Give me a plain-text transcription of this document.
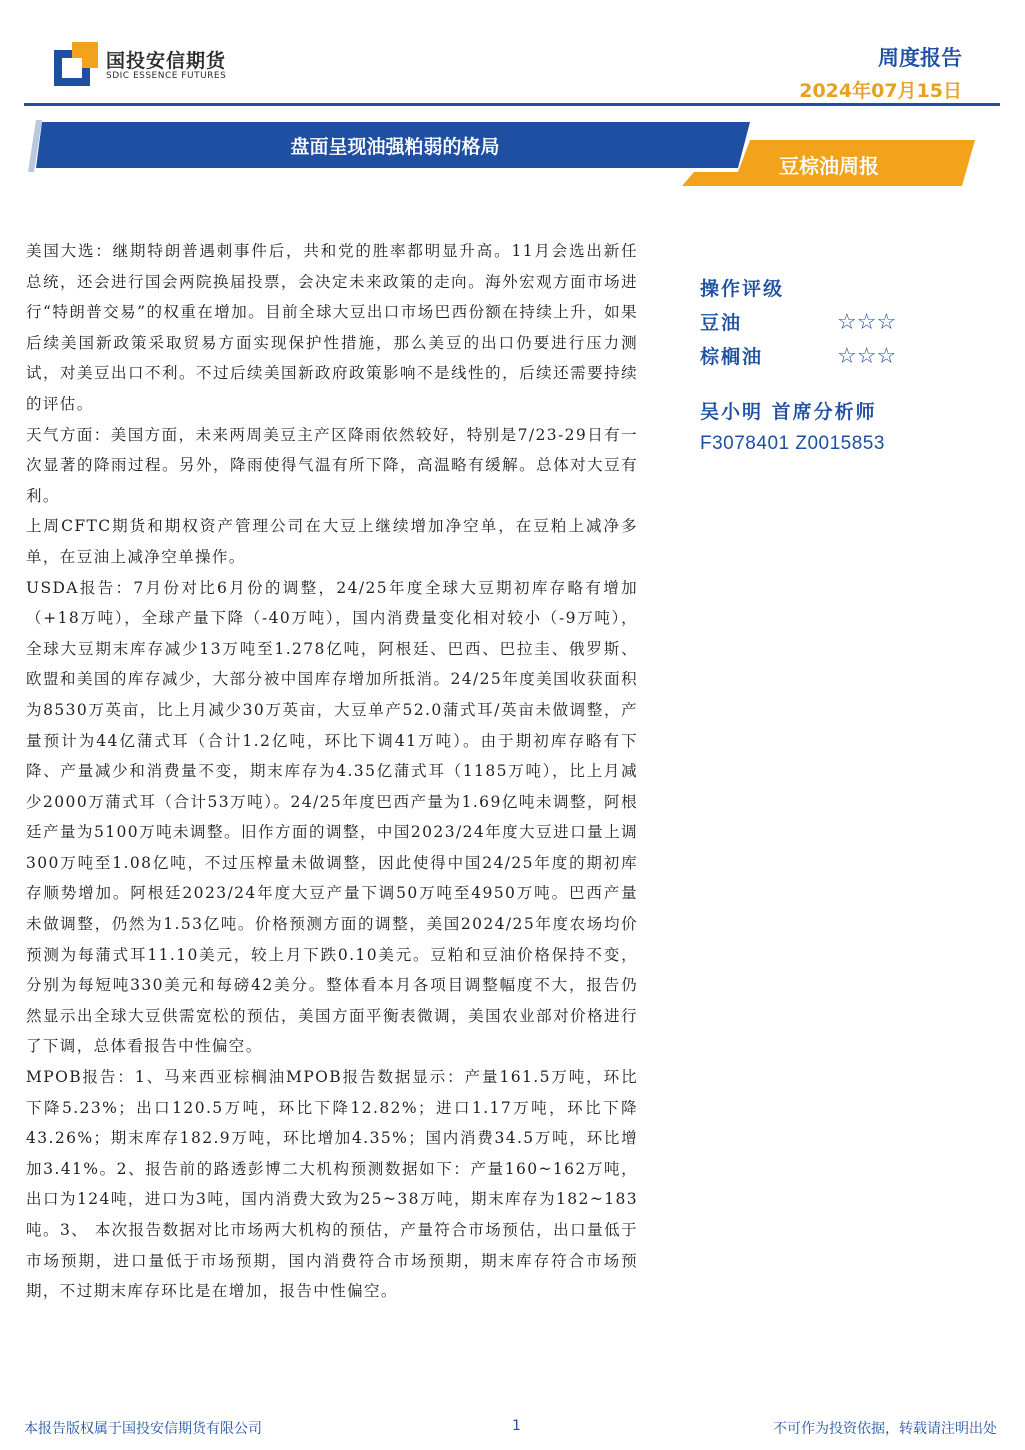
国投安信期货
SDIC ESSENCE FUTURES
周度报告
2024年07月15日
盘面呈现油强粕弱的格局
豆棕油周报

美国大选：继期特朗普遇刺事件后，共和党的胜率都明显升高。11月会选出新任总统，还会进行国会两院换届投票，会决定未来政策的走向。海外宏观方面市场进行“特朗普交易”的权重在增加。目前全球大豆出口市场巴西份额在持续上升，如果后续美国新政策采取贸易方面实现保护性措施，那么美豆的出口仍要进行压力测试，对美豆出口不利。不过后续美国新政府政策影响不是线性的，后续还需要持续的评估。

天气方面：美国方面，未来两周美豆主产区降雨依然较好，特别是7/23-29日有一次显著的降雨过程。另外，降雨使得气温有所下降，高温略有缓解。总体对大豆有利。

上周CFTC期货和期权资产管理公司在大豆上继续增加净空单，在豆粕上减净多单，在豆油上减净空单操作。

USDA报告：7月份对比6月份的调整，24/25年度全球大豆期初库存略有增加（+18万吨），全球产量下降（-40万吨），国内消费量变化相对较小（-9万吨），全球大豆期末库存减少13万吨至1.278亿吨，阿根廷、巴西、巴拉圭、俄罗斯、欧盟和美国的库存减少，大部分被中国库存增加所抵消。24/25年度美国收获面积为8530万英亩，比上月减少30万英亩，大豆单产52.0蒲式耳/英亩未做调整，产量预计为44亿蒲式耳（合计1.2亿吨，环比下调41万吨）。由于期初库存略有下降、产量减少和消费量不变，期末库存为4.35亿蒲式耳（1185万吨），比上月减少2000万蒲式耳（合计53万吨）。24/25年度巴西产量为1.69亿吨未调整，阿根廷产量为5100万吨未调整。旧作方面的调整，中国2023/24年度大豆进口量上调300万吨至1.08亿吨，不过压榨量未做调整，因此使得中国24/25年度的期初库存顺势增加。阿根廷2023/24年度大豆产量下调50万吨至4950万吨。巴西产量未做调整，仍然为1.53亿吨。价格预测方面的调整，美国2024/25年度农场均价预测为每蒲式耳11.10美元，较上月下跌0.10美元。豆粕和豆油价格保持不变，分别为每短吨330美元和每磅42美分。整体看本月各项目调整幅度不大，报告仍然显示出全球大豆供需宽松的预估，美国方面平衡表微调，美国农业部对价格进行了下调，总体看报告中性偏空。

MPOB报告：1、马来西亚棕榈油MPOB报告数据显示：产量161.5万吨，环比下降5.23%；出口120.5万吨，环比下降12.82%；进口1.17万吨，环比下降43.26%；期末库存182.9万吨，环比增加4.35%；国内消费34.5万吨，环比增加3.41%。2、报告前的路透彭博二大机构预测数据如下：产量160~162万吨，出口为124吨，进口为3吨，国内消费大致为25~38万吨，期末库存为182~183吨。3、 本次报告数据对比市场两大机构的预估，产量符合市场预估，出口量低于市场预期，进口量低于市场预期，国内消费符合市场预期，期末库存符合市场预期，不过期末库存环比是在增加，报告中性偏空。

操作评级
豆油	☆☆☆
棕榈油	☆☆☆
吴小明 首席分析师
F3078401 Z0015853
本报告版权属于国投安信期货有限公司	1	不可作为投资依据，转载请注明出处
